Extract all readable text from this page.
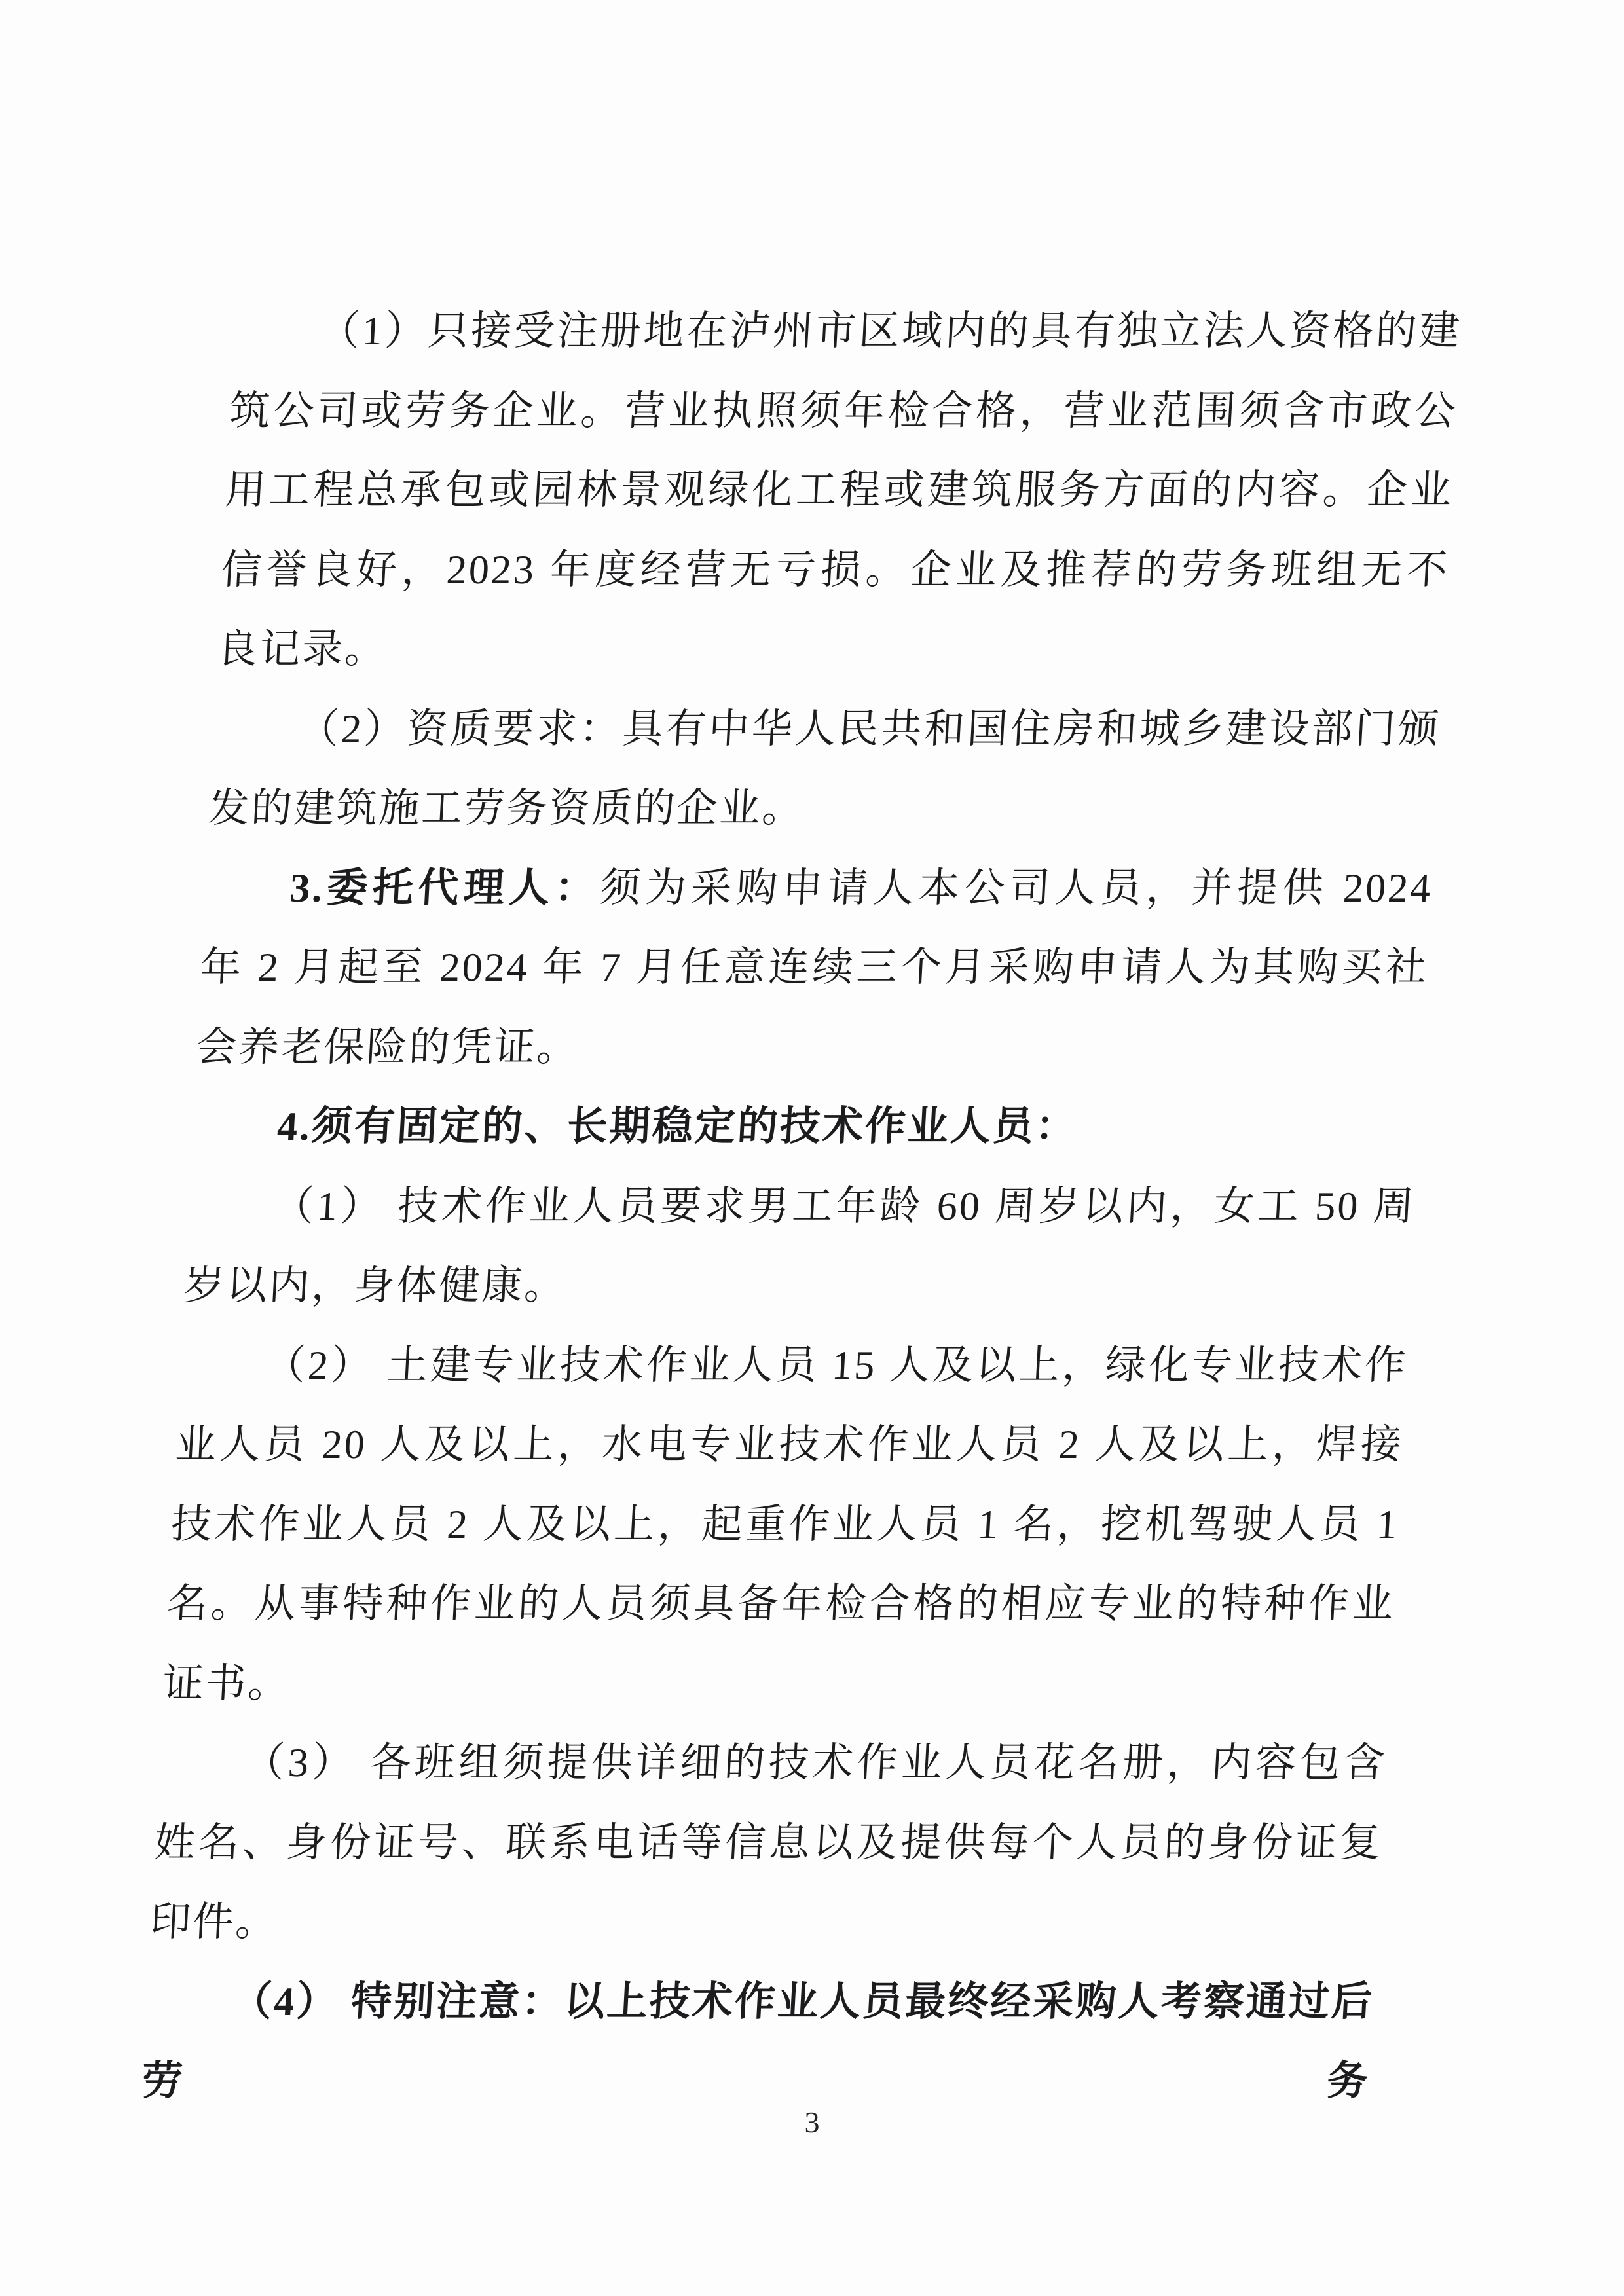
（1）只接受注册地在泸州市区域内的具有独立法人资格的建
筑公司或劳务企业。营业执照须年检合格，营业范围须含市政公
用工程总承包或园林景观绿化工程或建筑服务方面的内容。企业
信誉良好，2023 年度经营无亏损。企业及推荐的劳务班组无不
良记录。
（2）资质要求：具有中华人民共和国住房和城乡建设部门颁
发的建筑施工劳务资质的企业。
3.委托代理人：须为采购申请人本公司人员，并提供 2024
年 2 月起至 2024 年 7 月任意连续三个月采购申请人为其购买社
会养老保险的凭证。
4.须有固定的、长期稳定的技术作业人员：
（1） 技术作业人员要求男工年龄 60 周岁以内，女工 50 周
岁以内，身体健康。
（2） 土建专业技术作业人员 15 人及以上，绿化专业技术作
业人员 20 人及以上，水电专业技术作业人员 2 人及以上，焊接
技术作业人员 2 人及以上，起重作业人员 1 名，挖机驾驶人员 1
名。从事特种作业的人员须具备年检合格的相应专业的特种作业
证书。
（3） 各班组须提供详细的技术作业人员花名册，内容包含
姓名、身份证号、联系电话等信息以及提供每个人员的身份证复
印件。
（4） 特别注意：以上技术作业人员最终经采购人考察通过后劳务
3
